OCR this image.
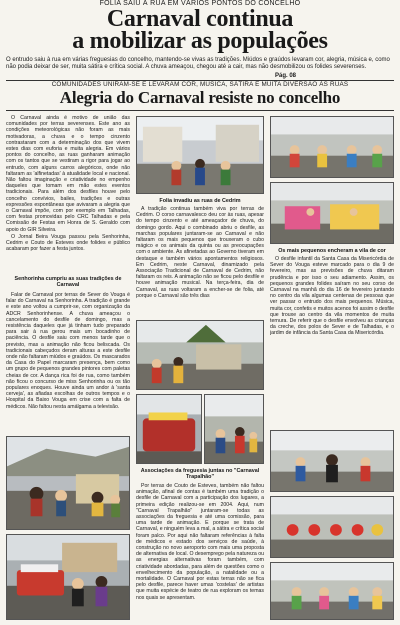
FOLIA SAIU À RUA EM VÁRIOS PONTOS DO CONCELHO
Carnaval continua
a mobilizar as populações
O entrudo saiu à rua em várias freguesias do concelho, mantendo-se vivas as tradições. Miúdos e graúdos levaram cor, alegria, música e, como não podia deixar de ser, muita sátira e crítica social. A chuva ameaçou, chegou até a cair, mas não desmobilizou os folides severenses.
Pág. 08
COMUNIDADES UNIRAM-SE E LEVARAM COR, MÚSICA, SÁTIRA E MUITA DIVERSÃO ÀS RUAS
Alegria do Carnaval resiste no concelho

O Carnaval ainda é motivo de união das comunidades por terras severenses. Este ano as condições meteorológicas não foram as mais motivadoras, a chuva e o tempo cinzento contrastaram com a determinação dos que vivem estes dias com euforia e muita alegria. Em vários pontos do concelho, as ruas ganharam animação com os tantos que se vestiram a rigor para jogar ao entrudo, com alguns carros alegóricos, onde não faltaram as 'alfinetadas' à atualidade local e nacional. Não faltou imaginação e criatividade no empenho daqueles que tomam em mão estes eventos tradicionais. Para além dos desfiles houve pelo concelho convívios, bailes, tradições e outras expressões espontâneas que avivaram a alegria que o Carnaval impõe, com por exemplo em Talhadas, com festas promovidas pelo CRC Talhadas e pela Comissão de Festas em Honra de S. Geraldo com apoio do GIR Silveira.

O Jornal Beira Vouga passou pela Senhorinha, Cedrim e Couto de Esteves onde folides e público acabaram por fazer a festa juntos.

Senhorinha cumpriu as suas tradições de Carnaval

Falar de Carnaval por terras de Sever do Vouga é falar do Carnaval na Senhorinha. A tradição é grande e este ano voltou a cumprir-se, com organização da ADCR Senhorinhense. A chuva ameaçou o cancelamento do desfile de domingo, mas a resistência daqueles que já tinham tudo preparado para sair à rua gerou mais um bocadinho de paciência. O desfile saiu com menos tarde que o previsto, mas a animação não ficou beliscada. Os tradicionais cabeçudos deram alturas a este desfile onde não faltaram miúdos e graúdos. Os mascarados da Casa do Papel marcaram presença, bem como um grupo de pequenos grandes pintores com paletas cheias de cor. A dança rica foi de rua, como também não ficou o concurso de miss Senhorinha ou os tão populares enoques. Houve ainda um andor à 'santa cerveja', as afiadas escolhas de outros tempos e o Hospital da Baixo Vouga em crise com a falta de médicos. Não faltou nesta amálgama a televisão.

Folia invadiu as ruas de Cedrim

A tradição continua também viva por terras de Cedrim. O corso carnavalesco deu cor às ruas, apesar do tempo cinzento e até ameaçador de chuva, do domingo gordo. Aqui o combinado abriu o desfile, as marchas populares juntaram-se ao Carnaval e não faltaram os mais pequenos que trouxeram o cubo mágico e os animais da quinta ou as preocupações com o ambiente. As afinetadas ao Governo tiveram em destaque e também vários apontamentos religiosos. Em Cedrim, neste Carnaval, dinamizado pela Associação Tradicional de Carnaval de Cedrim, não faltaram os reis. A animação não se ficou pelo desfile e houve animação musical. Na terça-feira, dia de Carnaval, as ruas voltaram a encher-se de folia, até porque o Carnaval são três dias

Associações da freguesia juntas no "Carnaval Trapalhão"

Por terras de Couto de Esteves, também não faltou animação, afinal de contas é também uma tradição o desfile de Carnaval com a participação dos lugares, a primeira edição realizou-se em 2004. Aqui, num "Carnaval Trapalhão" juntaram-se todas as associações da freguesia e até uma comissão, para uma tarde de animação. E porque se trata de Carnaval, e ninguém leva a mal, a sátira e crítica social foram palco. Por aqui não faltaram referências à falta de médicos e estado dos serviços de saúde, à construção no novo aeroporto com mais uma proposta de alternativa de local. O desemprego pela natureza ou as energias alternativas foram também, com criatividade abordadas, para além de questões como o envelhecimento da população, a natalidade ou a mortalidade. O Carnaval por estas terras não se fica pelo desfile, parece haver umas 'costelas' de artistas que muita espécie de teatro de rua exploram os temas nos quais se apresentam.

Os mais pequenos encheram a vila de cor

O desfile infantil da Santa Casa da Misericórdia de Sever do Vouga esteve marcado para o dia 9 de fevereiro, mas as previsões de chuva ditaram prudência e por isso o seu adiamento. Assim, os pequenos grandes folides saíram no seu corso de Carnaval na manhã do dia 16 de fevereiro juntando no centro da vila algumas centenas de pessoas que ver passar o entrudo dos mais pequenos. Música, muita cor, confetis e muitos acenos foi assim o desfile que trouxe ao centro da vila momentos de muita ternura. De referir que o desfile envolveu as crianças da creche, dos polos de Sever e de Talhadas, e o jardim de infância da Santa Casa da Misericórdia.
